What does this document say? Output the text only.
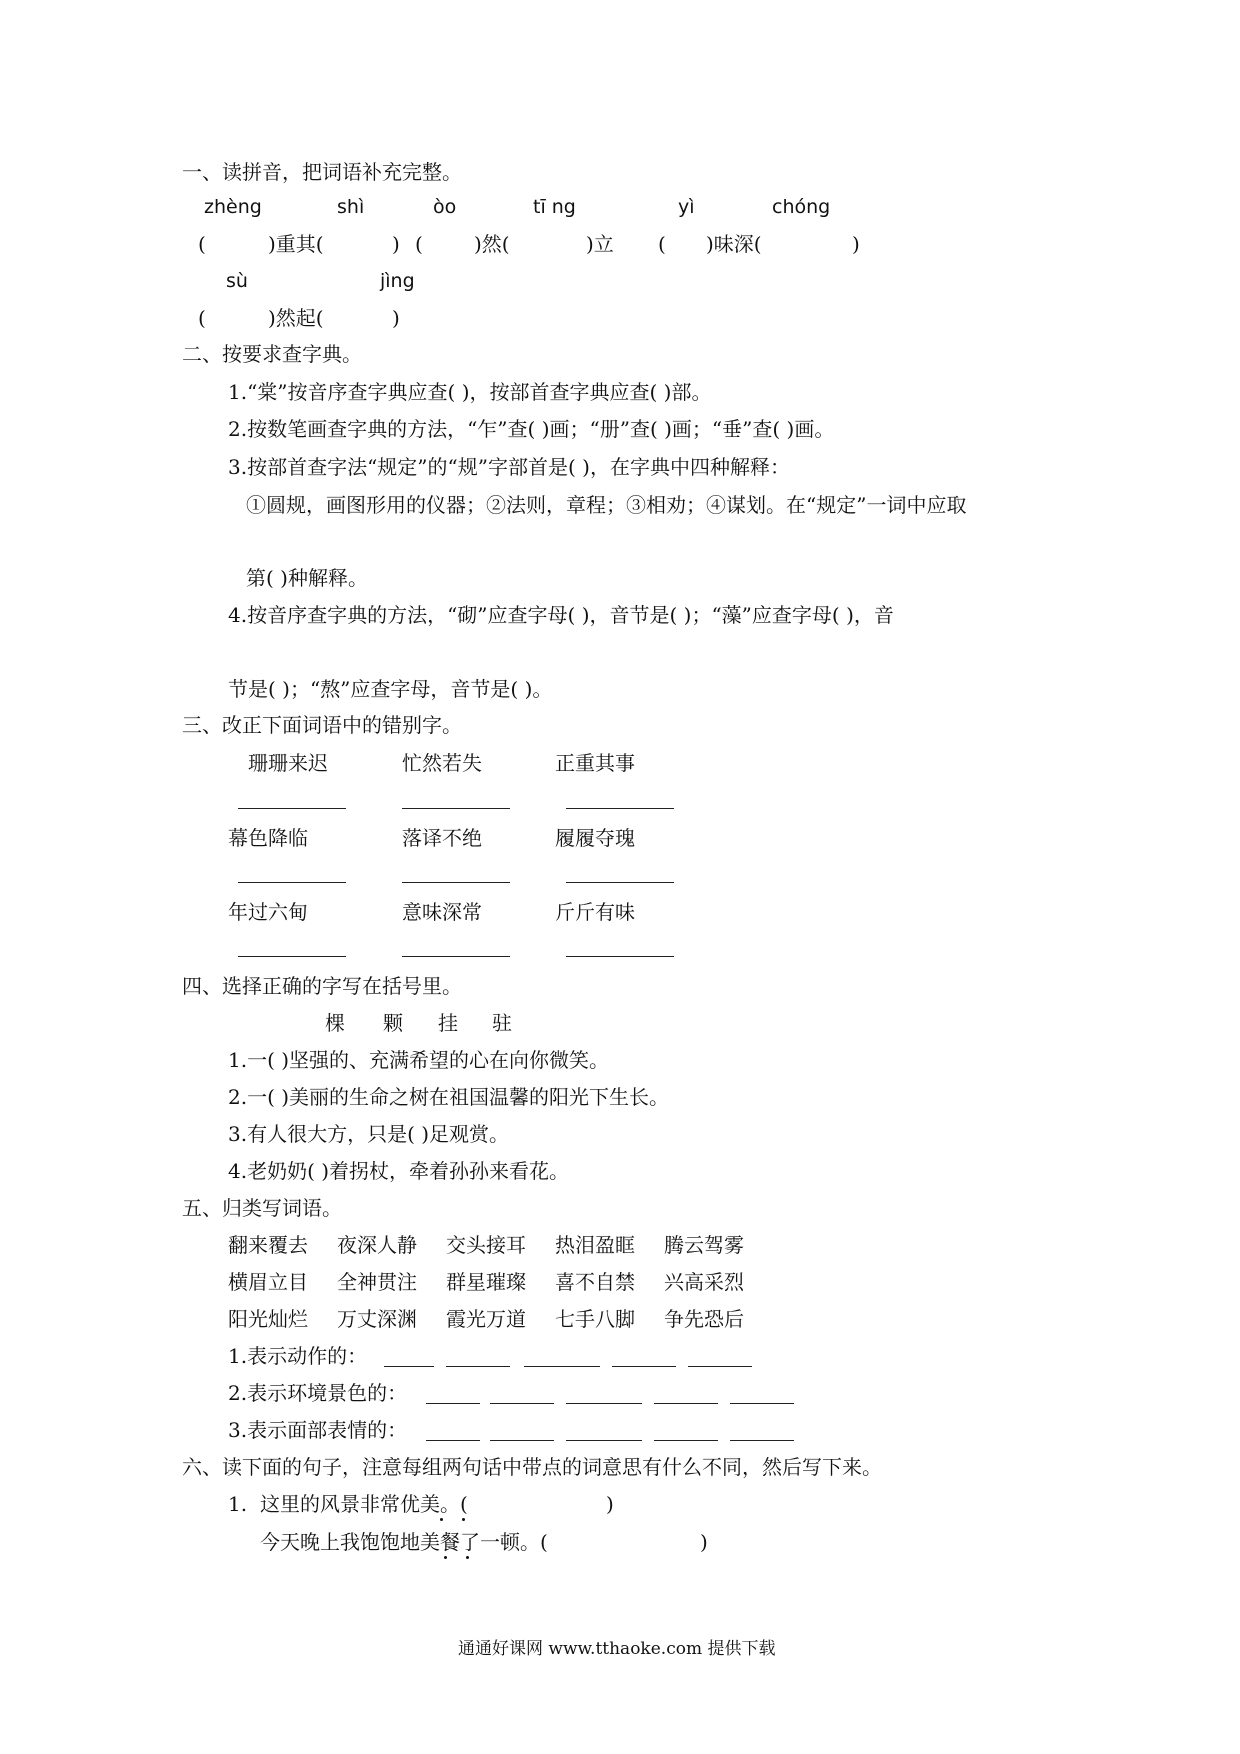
一、读拼音，把词语补充完整。
zhèng	shì	òo	tī ng	yì	chóng
(	)重其(	) (	)然(	)立 ( )味深(	)
sù	jìng
(	)然起(	)
二、按要求查字典。
1.“棠”按音序查字典应查( )，按部首查字典应查( )部。
2.按数笔画查字典的方法，“乍”查( )画；“册”查( )画；“垂”查( )画。
3.按部首查字法“规定”的“规”字部首是( )，在字典中四种解释：
①圆规，画图形用的仪器；②法则，章程；③相劝；④谋划。在“规定”一词中应取
第( )种解释。
4.按音序查字典的方法，“砌”应查字母( )，音节是( )；“藻”应查字母( )，音
节是( )；“熬”应查字母，音节是( )。
三、改正下面词语中的错别字。
珊珊来迟	忙然若失	正重其事
幕色降临	落译不绝	履履夺瑰
年过六甸	意味深常	斤斤有味
四、选择正确的字写在括号里。
棵 颗 挂 驻
1.一( )坚强的、充满希望的心在向你微笑。
2.一( )美丽的生命之树在祖国温馨的阳光下生长。
3.有人很大方，只是( )足观赏。
4.老奶奶( )着拐杖，牵着孙孙来看花。
五、归类写词语。
翻来覆去 夜深人静 交头接耳 热泪盈眶 腾云驾雾
横眉立目 全神贯注 群星璀璨 喜不自禁 兴高采烈
阳光灿烂 万丈深渊 霞光万道 七手八脚 争先恐后
1.表示动作的：
2.表示环境景色的：
3.表示面部表情的：
六、读下面的句子，注意每组两句话中带点的词意思有什么不同，然后写下来。
1. 这里的风景非常优美。(	)
今天晚上我饱饱地美餐了一顿。(	)
通通好课网 www.tthaoke.com 提供下载
